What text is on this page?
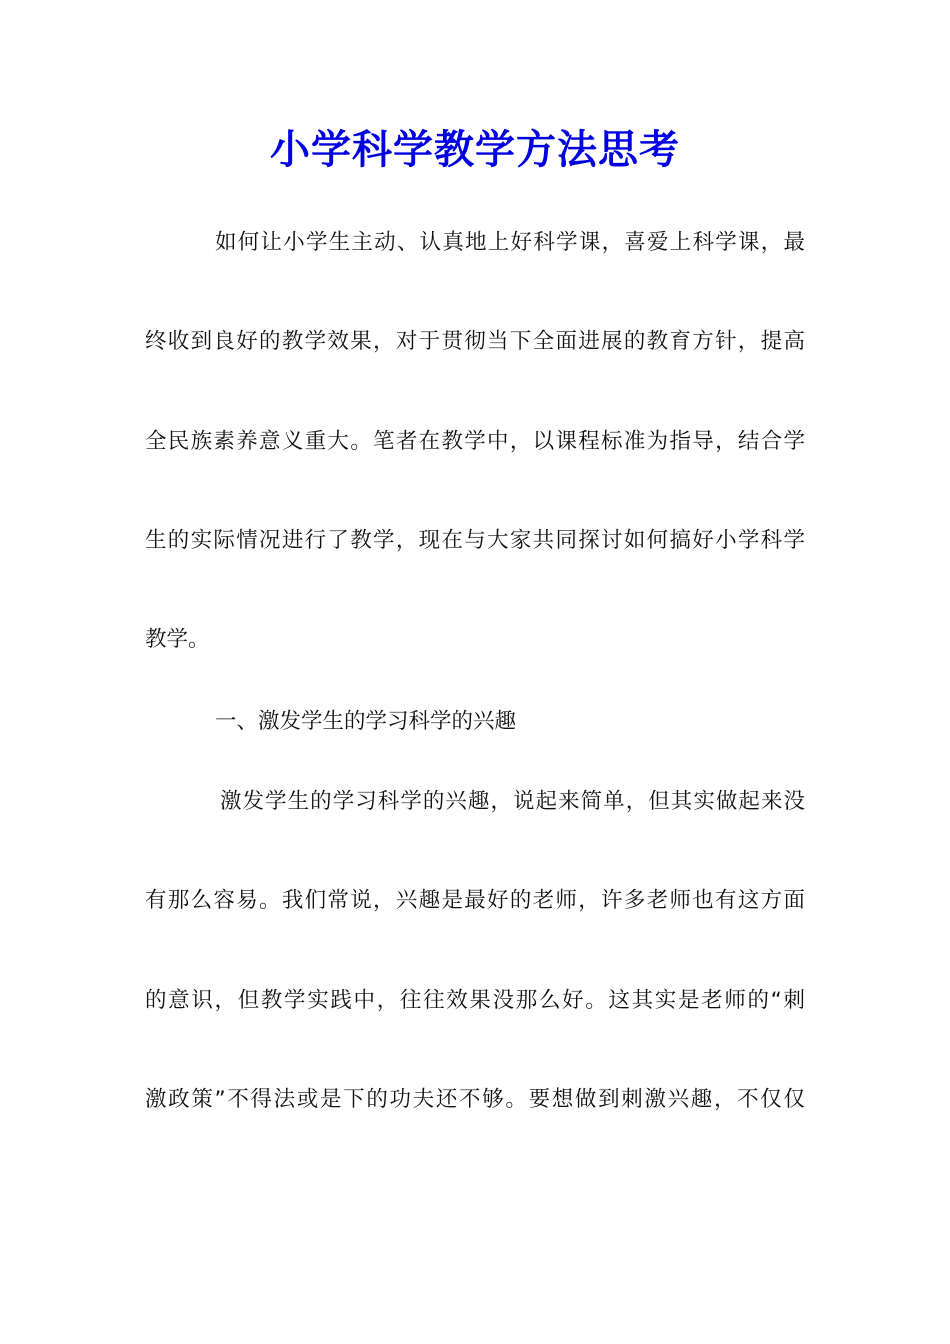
小学科学教学方法思考

如何让小学生主动、认真地上好科学课，喜爱上科学课，最

终收到良好的教学效果，对于贯彻当下全面进展的教育方针，提高

全民族素养意义重大。笔者在教学中，以课程标准为指导，结合学

生的实际情况进行了教学，现在与大家共同探讨如何搞好小学科学

教学。

一、激发学生的学习科学的兴趣

激发学生的学习科学的兴趣，说起来简单，但其实做起来没

有那么容易。我们常说，兴趣是最好的老师，许多老师也有这方面

的意识，但教学实践中，往往效果没那么好。这其实是老师的“刺

激政策”不得法或是下的功夫还不够。要想做到刺激兴趣，不仅仅
